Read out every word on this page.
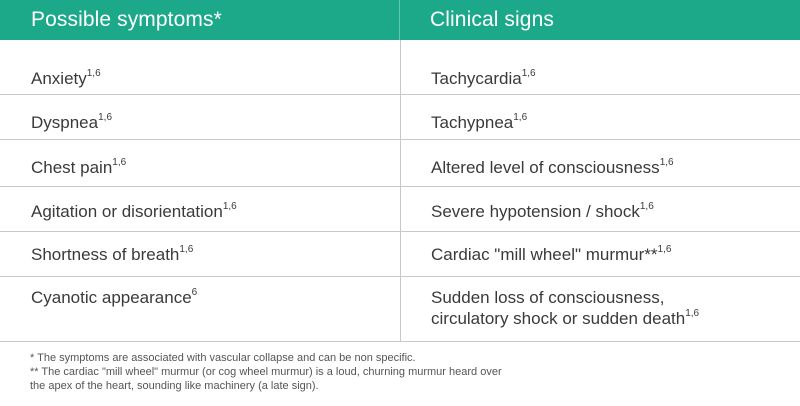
Possible symptoms*	Clinical signs
Anxiety$^{1,6}$	Tachycardia$^{1,6}$
Dyspnea$^{1,6}$	Tachypnea$^{1,6}$
Chest pain$^{1,6}$	Altered level of consciousness$^{1,6}$
Agitation or disorientation$^{1,6}$	Severe hypotension / shock$^{1,6}$
Shortness of breath$^{1,6}$	Cardiac "mill wheel" murmur**$^{1,6}$
Cyanotic appearance$^6$	Sudden loss of consciousness,
circulatory shock or sudden death$^{1,6}$

* The symptoms are associated with vascular collapse and can be non specific.

** The cardiac "mill wheel" murmur (or cog wheel murmur) is a loud, churning murmur heard over

the apex of the heart, sounding like machinery (a late sign).
